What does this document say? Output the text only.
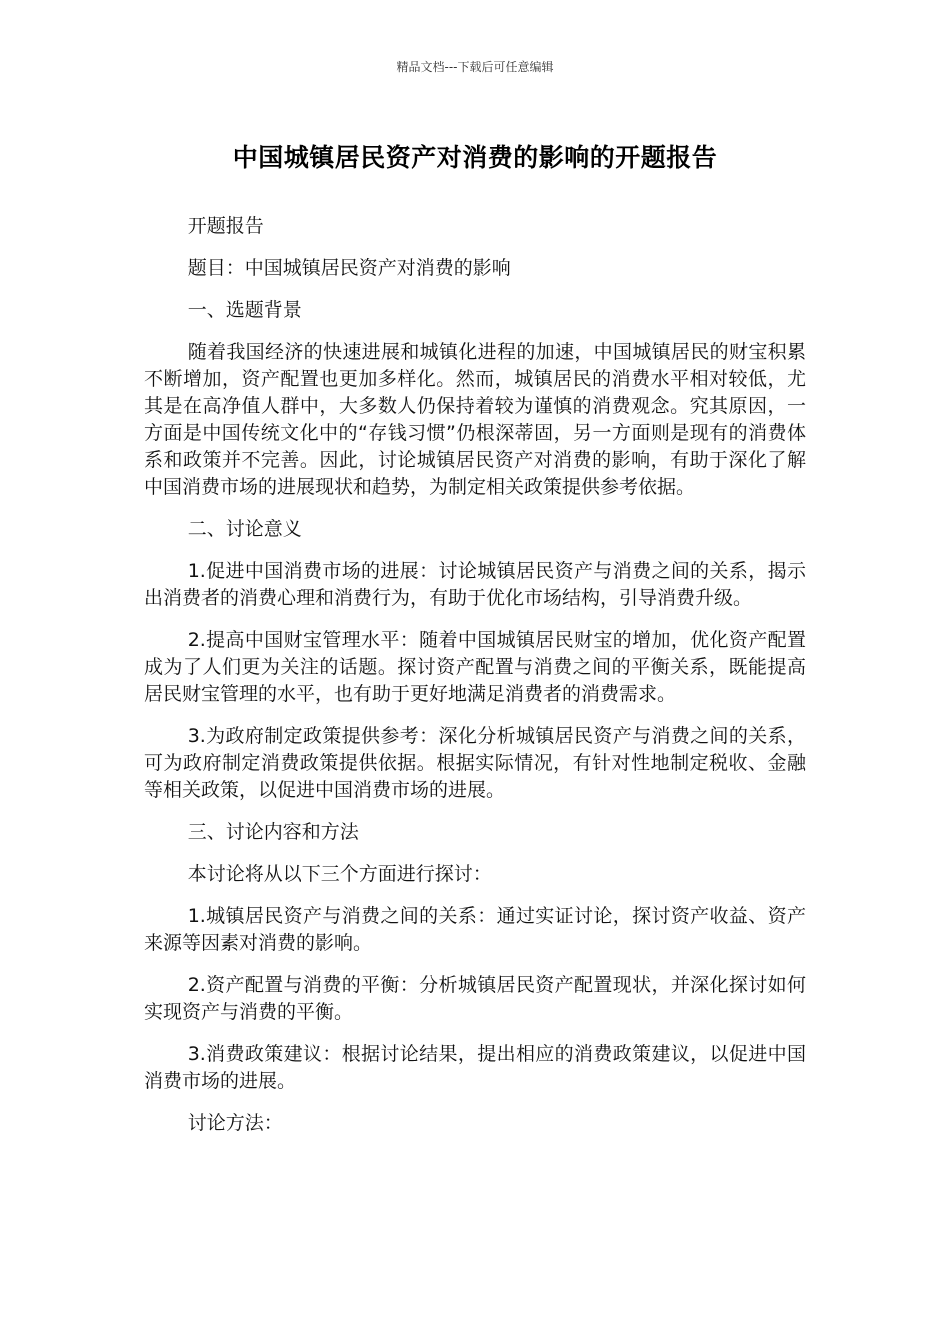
精品文档---下载后可任意编辑
中国城镇居民资产对消费的影响的开题报告

开题报告

题目：中国城镇居民资产对消费的影响

一、选题背景

随着我国经济的快速进展和城镇化进程的加速，中国城镇居民的财宝积累不断增加，资产配置也更加多样化。然而，城镇居民的消费水平相对较低，尤其是在高净值人群中，大多数人仍保持着较为谨慎的消费观念。究其原因，一方面是中国传统文化中的“存钱习惯”仍根深蒂固，另一方面则是现有的消费体系和政策并不完善。因此，讨论城镇居民资产对消费的影响，有助于深化了解中国消费市场的进展现状和趋势，为制定相关政策提供参考依据。

二、讨论意义

1.促进中国消费市场的进展：讨论城镇居民资产与消费之间的关系，揭示出消费者的消费心理和消费行为，有助于优化市场结构，引导消费升级。

2.提高中国财宝管理水平：随着中国城镇居民财宝的增加，优化资产配置成为了人们更为关注的话题。探讨资产配置与消费之间的平衡关系，既能提高居民财宝管理的水平，也有助于更好地满足消费者的消费需求。

3.为政府制定政策提供参考：深化分析城镇居民资产与消费之间的关系，可为政府制定消费政策提供依据。根据实际情况，有针对性地制定税收、金融等相关政策，以促进中国消费市场的进展。

三、讨论内容和方法

本讨论将从以下三个方面进行探讨：

1.城镇居民资产与消费之间的关系：通过实证讨论，探讨资产收益、资产来源等因素对消费的影响。

2.资产配置与消费的平衡：分析城镇居民资产配置现状，并深化探讨如何实现资产与消费的平衡。

3.消费政策建议：根据讨论结果，提出相应的消费政策建议，以促进中国消费市场的进展。

讨论方法：
